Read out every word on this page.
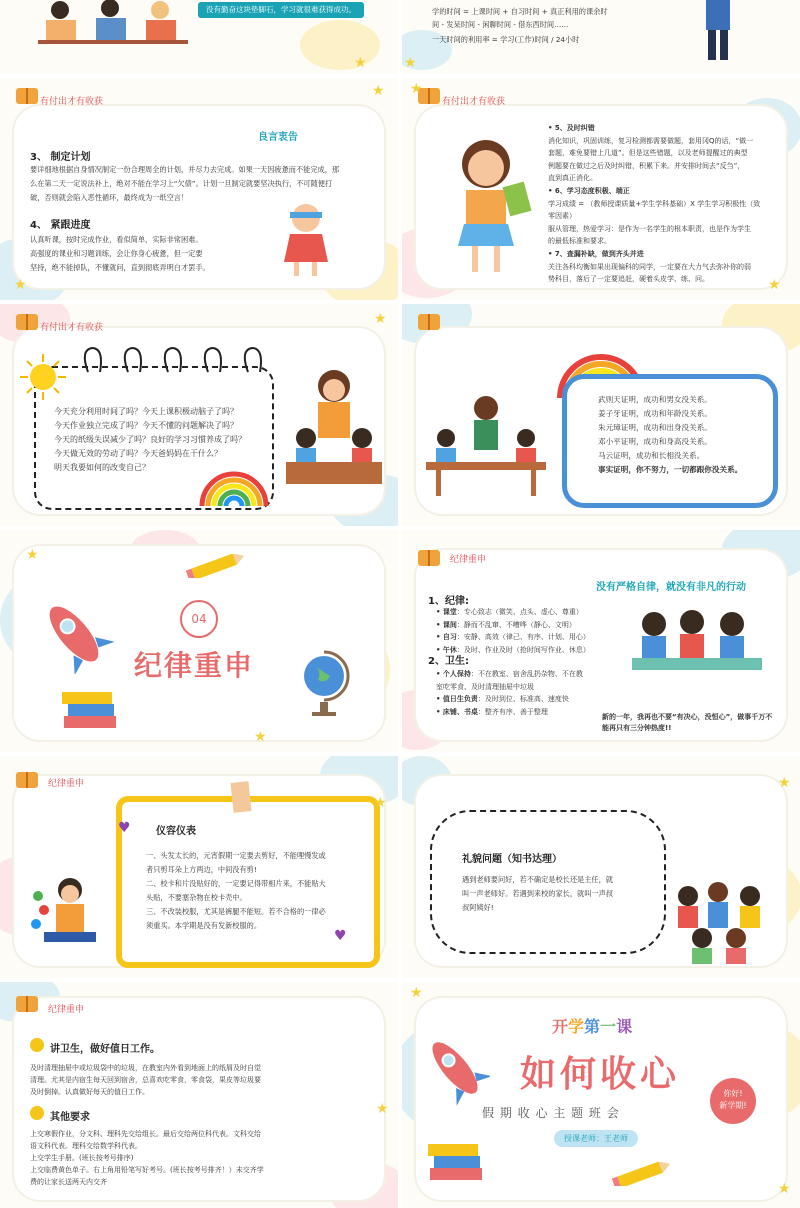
没有勤奋这块垫脚石，学习就很难获得成功。
★
学的时间 = 上课时间 + 自习时间 + 真正利用的课余时
间 - 发呆时间 - 闲聊时间 - 借东西时间……
一天时间的利用率 = 学习(工作)时间 / 24小时
★
有付出才有收获
良言衷告
3、 制定计划
要详细地根据自身情况制定一份合理周全的计划，并尽力去完成。如果一天因疲惫而不能完成，那
么在第二天一定说法补上，绝对不能在学习上“欠债”。计划一旦制定就要坚决执行，不可随便打
破，否则就会陷入恶性循环，最终成为一纸空言！
4、 紧跟进度
认真听课，按时完成作业，看似简单，实际非常困难。
高强度的课业和习题训练，会让你身心疲惫，但一定要
坚持，绝不能掉队，不懂就问，直到彻底弄明白才罢手。
★
★
有付出才有收获
★
★
• 5、及时纠错
消化知识，巩固训练，复习检测都需要做题，套用冈Q的话，“做一
套题，难免要错上几道”。但是这些错题，以及老师提醒过的典型
例题要在做过之后及时纠错，积累下来。并安排时间去“反刍”，
直到真正消化。
• 6、学习态度积极、端正
学习成绩 = （教师授课质量+学生学科基础）X 学生学习积极性（致
零因素）
服从管理，热爱学习：是作为一名学生的根本职责，也是作为学生
的最低标准和要求。
• 7、查漏补缺，做到齐头并进
关注各科均衡如果出现偏科的同学，一定要在大力气去弥补你的弱
势科目，落后了一定要追赶，硬着头皮学、练、问。
有付出才有收获
今天充分利用时间了吗？今天上课积极动脑子了吗？
今天作业独立完成了吗？今天不懂的问题解决了吗？
今天的纸级失误减少了吗？良好的学习习惯养成了吗？
今天做无效的劳动了吗？今天爸妈妈在干什么？
明天我要如何的改变自己？
★
武则天证明，成功和男女没关系。
姜子牙证明，成功和年龄没关系。
朱元璋证明，成功和出身没关系。
邓小平证明，成功和身高没关系。
马云证明，成功和长相没关系。
事实证明，你不努力，一切都跟你没关系。
04
纪律重申
★
★
纪律重申
没有严格自律，就没有非凡的行动
1、纪律:
2、卫生:
新的一年，我再也不要“有决心，没恒心”，做事千万不能再只有三分钟热度!!
• 课堂：专心致志（微笑、点头、虚心、尊重）
• 课间：静而不乱窜、不嘈哗（静心、文明）
• 自习：安静、高效（律己、有序、计划、用心）
• 午休：及时、作业及时（抢时间写作业、休息）
• 个人保持：不在教室、宿舍乱扔杂物、不在教
室吃零食、及时清理抽屉中垃圾
• 值日生负责：及时到位、标准高、速度快
• 床铺、书桌：整齐有序、善于整理
纪律重申
♥	仪容仪表
一、头发太长的，元宵假期一定要去剪好，不能哩慢发或
者只剪耳朵上方两边，中间没有剪!
二、校卡和片没贴好的，一定要记得带相片来，不能贴大
头贴，不要塞杂物在校卡壳中。
三、不改装校服，尤其是裤腿不能短。若不合格的一律必
须重买。本学期是没有发新校服的。
♥
★
礼貌问题（知书达理）
遇到老师要问好，若不确定是校长还是主任，就
叫一声老师好。若遇到来校的家长，就叫一声叔
叔阿姨好!
★
纪律重申
讲卫生，做好值日工作。
及时清理抽屉中或垃圾袋中的垃圾，在教室内外看到地面上的纸屑及时自觉
清理。尤其是内宿生每天回到宿舍，总喜欢吃零食，零食袋，果皮等垃圾要
及时倒掉。认真做好每天的值日工作。
其他要求
上交寒假作业，分文科、理科先交给组长。最后交给两位科代表。文科交给
语文科代表。理科交给数学科代表。
上交学生手册。(班长按考号排序)
上交临费黄色单子。右上角用铅笔写好考号。(班长按考号排齐！）未交齐学
费的让家长送两天内交齐
★
开学第一课
如何收心
假 期 收 心 主 题 班 会
授课老师：王老师
你好!
新学期!
★
★
